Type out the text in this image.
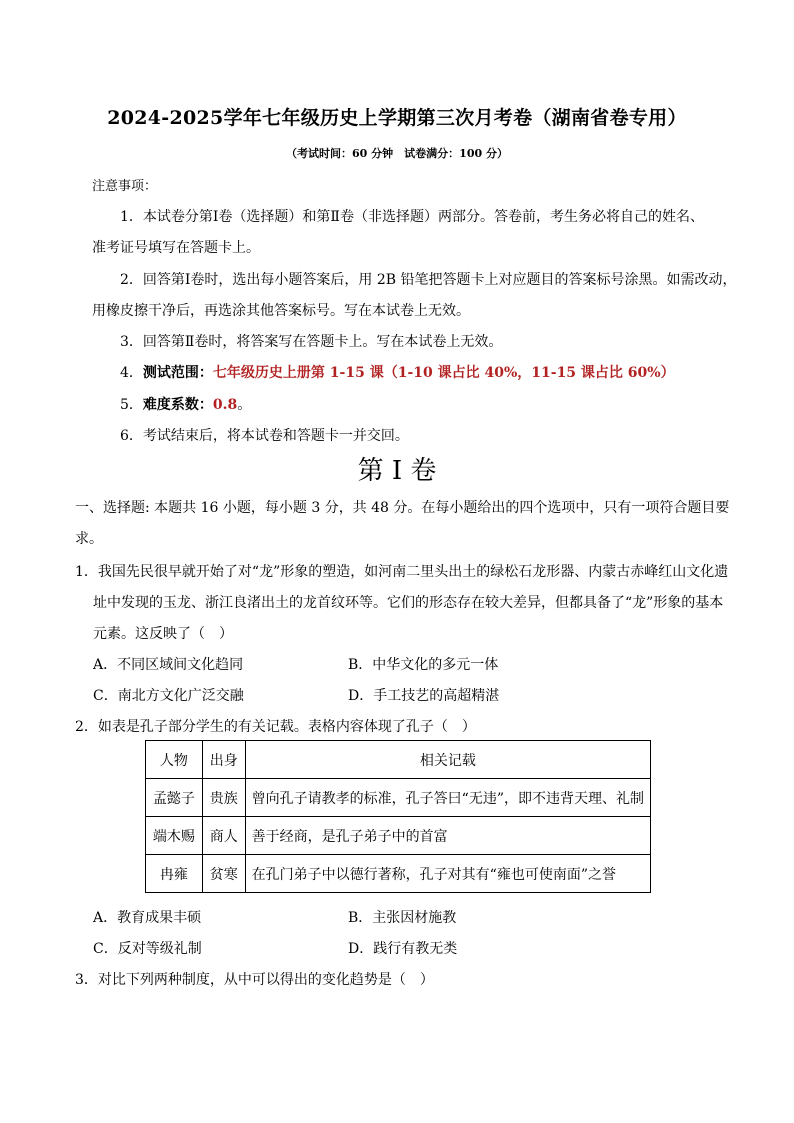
2024-2025学年七年级历史上学期第三次月考卷（湖南省卷专用）
（考试时间：60 分钟　试卷满分：100 分）
注意事项：
1．本试卷分第Ⅰ卷（选择题）和第Ⅱ卷（非选择题）两部分。答卷前，考生务必将自己的姓名、
准考证号填写在答题卡上。
2．回答第Ⅰ卷时，选出每小题答案后，用 2B 铅笔把答题卡上对应题目的答案标号涂黑。如需改动，
用橡皮擦干净后，再选涂其他答案标号。写在本试卷上无效。
3．回答第Ⅱ卷时，将答案写在答题卡上。写在本试卷上无效。
4．测试范围：七年级历史上册第 1-15 课（1-10 课占比 40%，11-15 课占比 60%）
5．难度系数：0.8。
6．考试结束后，将本试卷和答题卡一并交回。
第 I 卷
一、选择题: 本题共 16 小题，每小题 3 分，共 48 分。在每小题给出的四个选项中，只有一项符合题目要
求。
1．我国先民很早就开始了对“龙”形象的塑造，如河南二里头出土的绿松石龙形器、内蒙古赤峰红山文化遗
址中发现的玉龙、浙江良渚出土的龙首纹环等。它们的形态存在较大差异，但都具备了“龙”形象的基本
元素。这反映了（　）
A．不同区域间文化趋同	B．中华文化的多元一体
C．南北方文化广泛交融	D．手工技艺的高超精湛
2．如表是孔子部分学生的有关记载。表格内容体现了孔子（　）
人物	出身	相关记载
孟懿子	贵族	曾向孔子请教孝的标准，孔子答曰“无违”，即不违背天理、礼制
端木赐	商人	善于经商，是孔子弟子中的首富
冉雍	贫寒	在孔门弟子中以德行著称，孔子对其有“雍也可使南面”之誉
A．教育成果丰硕	B．主张因材施教
C．反对等级礼制	D．践行有教无类
3．对比下列两种制度，从中可以得出的变化趋势是（　）
